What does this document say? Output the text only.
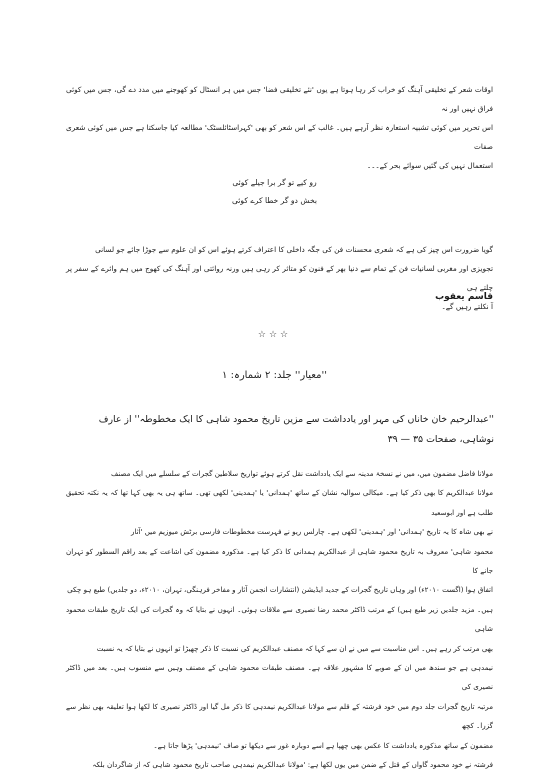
اوقات شعر کے تخلیقی آہنگ کو خراب کر رہا ہوتا ہے یوں 'نئے تخلیقی فضا' جس میں ہر انسٹال کو کھوجنے میں مدد دے گی، جس میں کوئی فراق نہیں اور نہ
اس تحریر میں کوئی تشبیہ استعارہ نظر آرہے ہیں۔ غالب کے اس شعر کو بھی 'کہراسٹائلسٹک' مطالعہ کیا جاسکتا ہے جس میں کوئی شعری صفات
استعمال نہیں کی گئیں سوائے بحر کے۔۔۔
رو کیے تو گر برا جیلے کوئی
بخش دو گر خطا کرے کوئی
گویا ضرورت اس چیز کی ہے کہ شعری محسنات فن کی جگہ داخلی کا اعتراف کرتے ہوئے اس کو ان علوم سے جوڑا جائے جو لسانی
تجویزی اور مغربی لسانیات فن کے تمام سے دنیا بھر کے فنون کو متاثر کر رہی ہیں ورنہ روائتی اور آہنگ کی کھوج میں ہم وائرے کے سفر پر چلتے ہی
آ نکلتے رہیں گے۔
قاسم یعقوب
☆☆☆
''معیار'' جلد: ۲ شمارہ: ۱
''عبدالرحیم خان خاناں کی مہر اور یادداشت سے مزین تاریخ محمود شاہی کا ایک مخطوطہ'' از عارف نوشاہی، صفحات ۳۵ — ۳۹
مولانا فاضل مضمون میں، میں نے نسخۂ مدینہ سے ایک یادداشت نقل کرتے ہوئے تواریخ سلاطین گجرات کے سلسلے میں ایک مصنف
مولانا عبدالکریم کا بھی ذکر کیا ہے۔ میکالی سوالیہ نشان کے ساتھ 'ہمدانی' یا 'ہمدینی' لکھی تھی۔ ساتھ ہی یہ بھی کہا تھا کہ یہ نکتہ تحقیق طلب ہے اور ابوسعید
نے بھی شاہ کا یہ تاریخ 'ہمدانی' اور 'ہمدینی' لکھی ہے۔ چارلس ریو نے فہرست مخطوطات فارسی برٹش میوزیم میں 'آثار
محمود شاہی' معروف بہ تاریخ محمود شاہی از عبدالکریم ہمدانی کا ذکر کیا ہے۔ مذکورہ مضمون کی اشاعت کے بعد راقم السطور کو تہران جانے کا
اتفاق ہوا (اگست ۲۰۱۰ء) اور وہاں تاریخ گجرات کے جدید ایڈیشن (انتشارات انجمن آثار و مفاخر فرہنگی، تہران، ۲۰۱۰ء، دو جلدیں) طبع ہو چکی
ہیں۔ مزید جلدیں زیر طبع ہیں) کے مرتب ڈاکٹر محمد رضا نصیری سے ملاقات ہوئی۔ انہوں نے بتایا کہ وہ گجرات کی ایک تاریخ طبقات محمود شاہی
بھی مرتب کر رہے ہیں۔ اس مناسبت سے میں نے ان سے کہا کہ مصنف عبدالکریم کی نسبت کا ذکر چھیڑا تو انہوں نے بتایا کہ یہ نسبت
نیمدہی ہے جو سندھ میں ان کے صوبے کا مشہور علاقہ ہے۔ مصنف طبقات محمود شاہی کے مصنف وہیں سے منسوب ہیں۔ بعد میں ڈاکٹر نصیری کی
مرتبہ تاریخ گجرات جلد دوم میں خود فرشتہ کے قلم سے مولانا عبدالکریم نیمدہی کا ذکر مل گیا اور ڈاکٹر نصیری کا لکھا ہوا تعلیقہ بھی نظر سے گزرا۔ کچھ
مضمون کے ساتھ مذکورہ یادداشت کا عکس بھی چھپا ہے اسے دوبارہ غور سے دیکھا تو صاف 'نیمدہی' پڑھا جاتا ہے۔
فرشتہ نے خود محمود گاواں کے قتل کے ضمن میں یوں لکھا ہے: 'مولانا عبدالکریم نیمدہی صاحب تاریخ محمود شاہی کہ از شاگردان بلکہ
